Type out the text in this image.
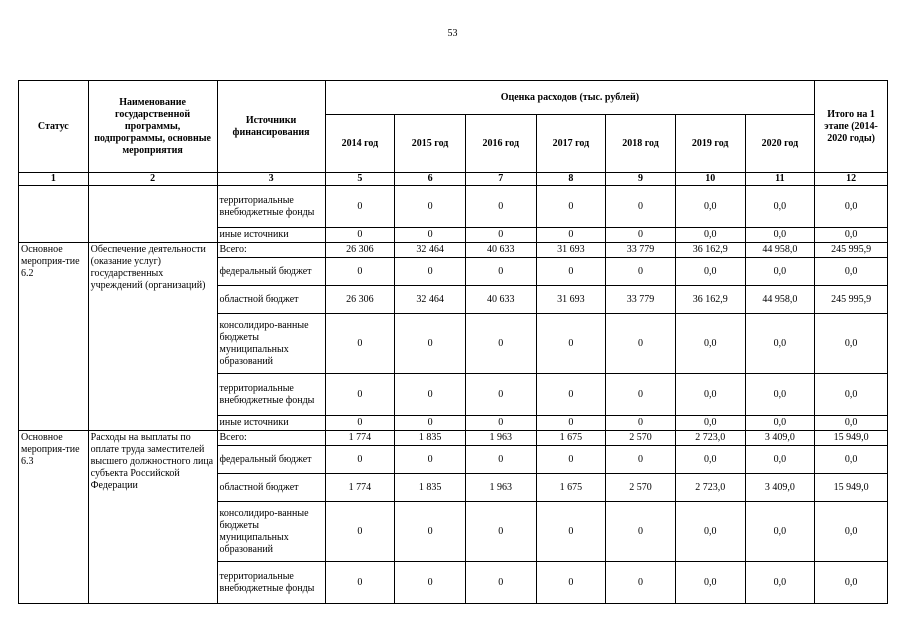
53
Статус	Наименование государственной программы, подпрограммы, основные мероприятия	Источники финансирования	Оценка расходов (тыс. рублей)							Итого на 1 этапе (2014-2020 годы)
			2014 год	2015 год	2016 год	2017 год	2018 год	2019 год	2020 год	
1	2	3	5	6	7	8	9	10	11	12
		территориальные внебюджетные фонды	0	0	0	0	0	0,0	0,0	0,0
		иные источники	0	0	0	0	0	0,0	0,0	0,0
Основное мероприя-тие 6.2	Обеспечение деятельности (оказание услуг) государственных учреждений (организаций)	Всего:	26 306	32 464	40 633	31 693	33 779	36 162,9	44 958,0	245 995,9
		федеральный бюджет	0	0	0	0	0	0,0	0,0	0,0
		областной бюджет	26 306	32 464	40 633	31 693	33 779	36 162,9	44 958,0	245 995,9
		консолидиро-ванные бюджеты муниципальных образований	0	0	0	0	0	0,0	0,0	0,0
		территориальные внебюджетные фонды	0	0	0	0	0	0,0	0,0	0,0
		иные источники	0	0	0	0	0	0,0	0,0	0,0
Основное мероприя-тие 6.3	Расходы на выплаты по оплате труда заместителей высшего должностного лица субъекта Российской Федерации	Всего:	1 774	1 835	1 963	1 675	2 570	2 723,0	3 409,0	15 949,0
		федеральный бюджет	0	0	0	0	0	0,0	0,0	0,0
		областной бюджет	1 774	1 835	1 963	1 675	2 570	2 723,0	3 409,0	15 949,0
		консолидиро-ванные бюджеты муниципальных образований	0	0	0	0	0	0,0	0,0	0,0
		территориальные внебюджетные фонды	0	0	0	0	0	0,0	0,0	0,0
